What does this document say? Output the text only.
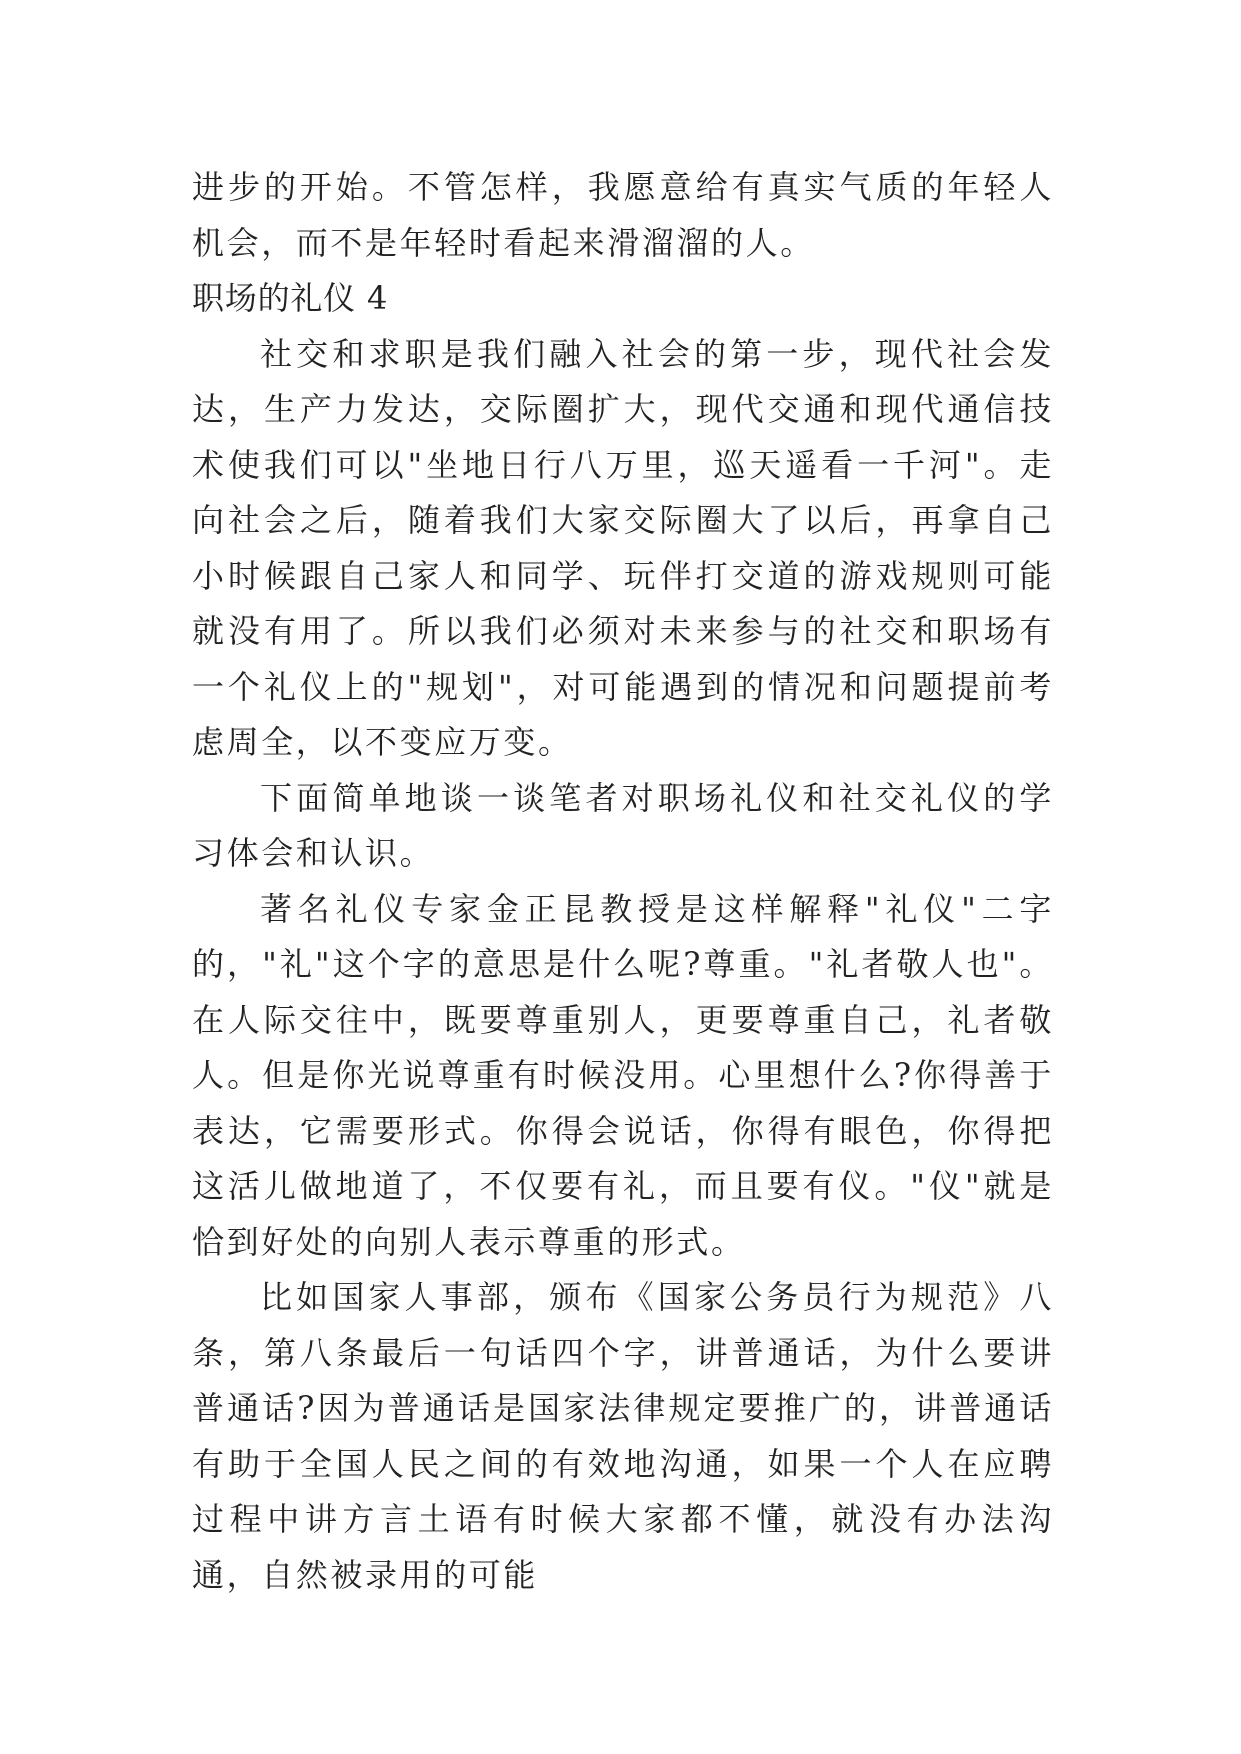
进步的开始。不管怎样，我愿意给有真实气质的年轻人机会，而不是年轻时看起来滑溜溜的人。

职场的礼仪 4

社交和求职是我们融入社会的第一步，现代社会发达，生产力发达，交际圈扩大，现代交通和现代通信技术使我们可以"坐地日行八万里，巡天遥看一千河"。走向社会之后，随着我们大家交际圈大了以后，再拿自己小时候跟自己家人和同学、玩伴打交道的游戏规则可能就没有用了。所以我们必须对未来参与的社交和职场有一个礼仪上的"规划"，对可能遇到的情况和问题提前考虑周全，以不变应万变。

下面简单地谈一谈笔者对职场礼仪和社交礼仪的学习体会和认识。

著名礼仪专家金正昆教授是这样解释"礼仪"二字的，"礼"这个字的意思是什么呢?尊重。"礼者敬人也"。在人际交往中，既要尊重别人，更要尊重自己，礼者敬人。但是你光说尊重有时候没用。心里想什么?你得善于表达，它需要形式。你得会说话，你得有眼色，你得把这活儿做地道了，不仅要有礼，而且要有仪。"仪"就是恰到好处的向别人表示尊重的形式。

比如国家人事部，颁布《国家公务员行为规范》八条，第八条最后一句话四个字，讲普通话，为什么要讲普通话?因为普通话是国家法律规定要推广的，讲普通话有助于全国人民之间的有效地沟通，如果一个人在应聘过程中讲方言土语有时候大家都不懂，就没有办法沟通，自然被录用的可能
